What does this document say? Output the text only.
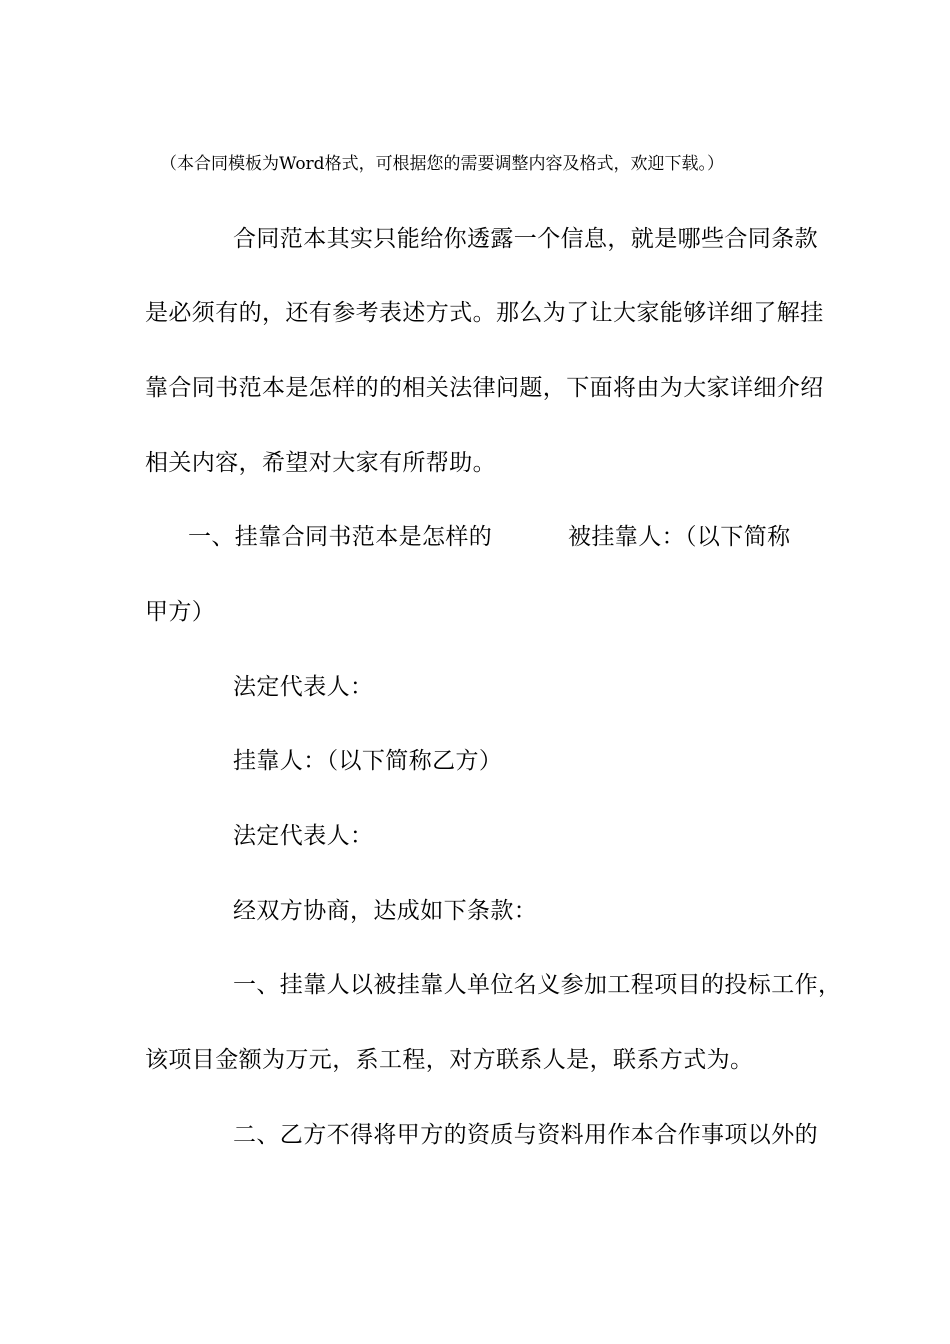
（本合同模板为Word格式，可根据您的需要调整内容及格式，欢迎下载。）
合同范本其实只能给你透露一个信息，就是哪些合同条款
是必须有的，还有参考表述方式。那么为了让大家能够详细了解挂
靠合同书范本是怎样的的相关法律问题，下面将由为大家详细介绍
相关内容，希望对大家有所帮助。
一、挂靠合同书范本是怎样的	被挂靠人：（以下简称
甲方）
法定代表人：
挂靠人：（以下简称乙方）
法定代表人：
经双方协商，达成如下条款：
一、挂靠人以被挂靠人单位名义参加工程项目的投标工作，
该项目金额为万元，系工程，对方联系人是，联系方式为。
二、乙方不得将甲方的资质与资料用作本合作事项以外的
